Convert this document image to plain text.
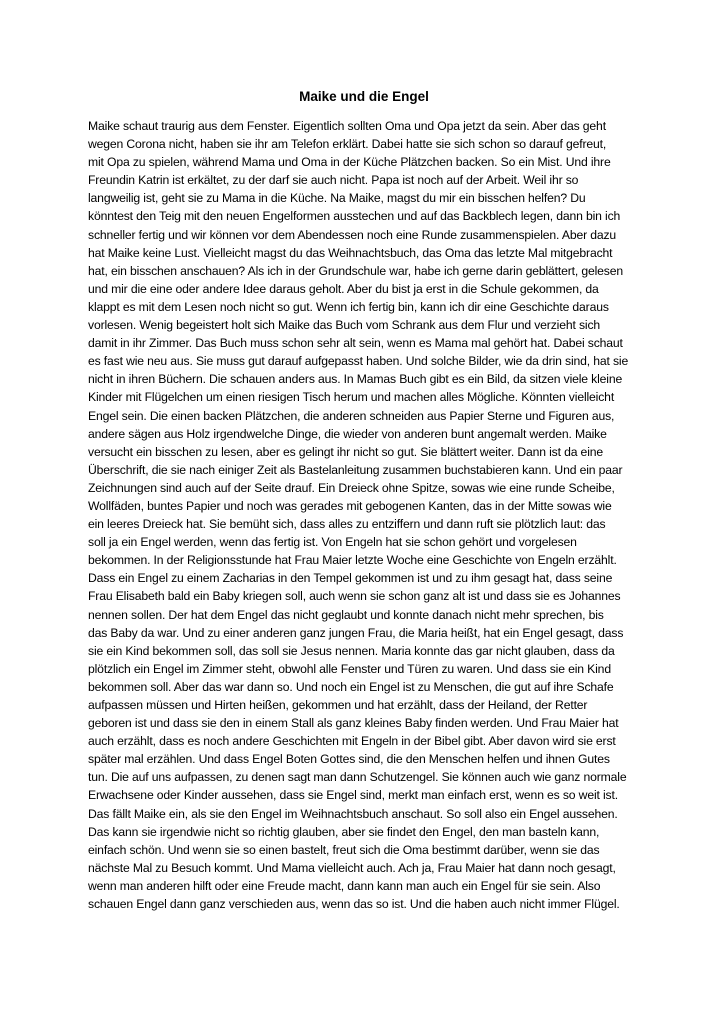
Maike und die Engel
Maike schaut traurig aus dem Fenster. Eigentlich sollten Oma und Opa jetzt da sein. Aber das geht
wegen Corona nicht, haben sie ihr am Telefon erklärt. Dabei hatte sie sich schon so darauf gefreut,
mit Opa zu spielen, während Mama und Oma in der Küche Plätzchen backen. So ein Mist. Und ihre
Freundin Katrin ist erkältet, zu der darf sie auch nicht. Papa ist noch auf der Arbeit. Weil ihr so
langweilig ist, geht sie zu Mama in die Küche. Na Maike, magst du mir ein bisschen helfen? Du
könntest den Teig mit den neuen Engelformen ausstechen und auf das Backblech legen, dann bin ich
schneller fertig und wir können vor dem Abendessen noch eine Runde zusammenspielen. Aber dazu
hat Maike keine Lust. Vielleicht magst du das Weihnachtsbuch, das Oma das letzte Mal mitgebracht
hat, ein bisschen anschauen? Als ich in der Grundschule war, habe ich gerne darin geblättert, gelesen
und mir die eine oder andere Idee daraus geholt. Aber du bist ja erst in die Schule gekommen, da
klappt es mit dem Lesen noch nicht so gut. Wenn ich fertig bin, kann ich dir eine Geschichte daraus
vorlesen. Wenig begeistert holt sich Maike das Buch vom Schrank aus dem Flur und verzieht sich
damit in ihr Zimmer. Das Buch muss schon sehr alt sein, wenn es Mama mal gehört hat. Dabei schaut
es fast wie neu aus. Sie muss gut darauf aufgepasst haben. Und solche Bilder, wie da drin sind, hat sie
nicht in ihren Büchern. Die schauen anders aus. In Mamas Buch gibt es ein Bild, da sitzen viele kleine
Kinder mit Flügelchen um einen riesigen Tisch herum und machen alles Mögliche. Könnten vielleicht
Engel sein. Die einen backen Plätzchen, die anderen schneiden aus Papier Sterne und Figuren aus,
andere sägen aus Holz irgendwelche Dinge, die wieder von anderen bunt angemalt werden. Maike
versucht ein bisschen zu lesen, aber es gelingt ihr nicht so gut. Sie blättert weiter. Dann ist da eine
Überschrift, die sie nach einiger Zeit als Bastelanleitung zusammen buchstabieren kann. Und ein paar
Zeichnungen sind auch auf der Seite drauf. Ein Dreieck ohne Spitze, sowas wie eine runde Scheibe,
Wollfäden, buntes Papier und noch was gerades mit gebogenen Kanten, das in der Mitte sowas wie
ein leeres Dreieck hat. Sie bemüht sich, dass alles zu entziffern und dann ruft sie plötzlich laut: das
soll ja ein Engel werden, wenn das fertig ist. Von Engeln hat sie schon gehört und vorgelesen
bekommen. In der Religionsstunde hat Frau Maier letzte Woche eine Geschichte von Engeln erzählt.
Dass ein Engel zu einem Zacharias in den Tempel gekommen ist und zu ihm gesagt hat, dass seine
Frau Elisabeth bald ein Baby kriegen soll, auch wenn sie schon ganz alt ist und dass sie es Johannes
nennen sollen. Der hat dem Engel das nicht geglaubt und konnte danach nicht mehr sprechen, bis
das Baby da war. Und zu einer anderen ganz jungen Frau, die Maria heißt, hat ein Engel gesagt, dass
sie ein Kind bekommen soll, das soll sie Jesus nennen. Maria konnte das gar nicht glauben, dass da
plötzlich ein Engel im Zimmer steht, obwohl alle Fenster und Türen zu waren. Und dass sie ein Kind
bekommen soll. Aber das war dann so. Und noch ein Engel ist zu Menschen, die gut auf ihre Schafe
aufpassen müssen und Hirten heißen, gekommen und hat erzählt, dass der Heiland, der Retter
geboren ist und dass sie den in einem Stall als ganz kleines Baby finden werden. Und Frau Maier hat
auch erzählt, dass es noch andere Geschichten mit Engeln in der Bibel gibt. Aber davon wird sie erst
später mal erzählen. Und dass Engel Boten Gottes sind, die den Menschen helfen und ihnen Gutes
tun. Die auf uns aufpassen, zu denen sagt man dann Schutzengel. Sie können auch wie ganz normale
Erwachsene oder Kinder aussehen, dass sie Engel sind, merkt man einfach erst, wenn es so weit ist.
Das fällt Maike ein, als sie den Engel im Weihnachtsbuch anschaut. So soll also ein Engel aussehen.
Das kann sie irgendwie nicht so richtig glauben, aber sie findet den Engel, den man basteln kann,
einfach schön. Und wenn sie so einen bastelt, freut sich die Oma bestimmt darüber, wenn sie das
nächste Mal zu Besuch kommt. Und Mama vielleicht auch. Ach ja, Frau Maier hat dann noch gesagt,
wenn man anderen hilft oder eine Freude macht, dann kann man auch ein Engel für sie sein. Also
schauen Engel dann ganz verschieden aus, wenn das so ist. Und die haben auch nicht immer Flügel.
